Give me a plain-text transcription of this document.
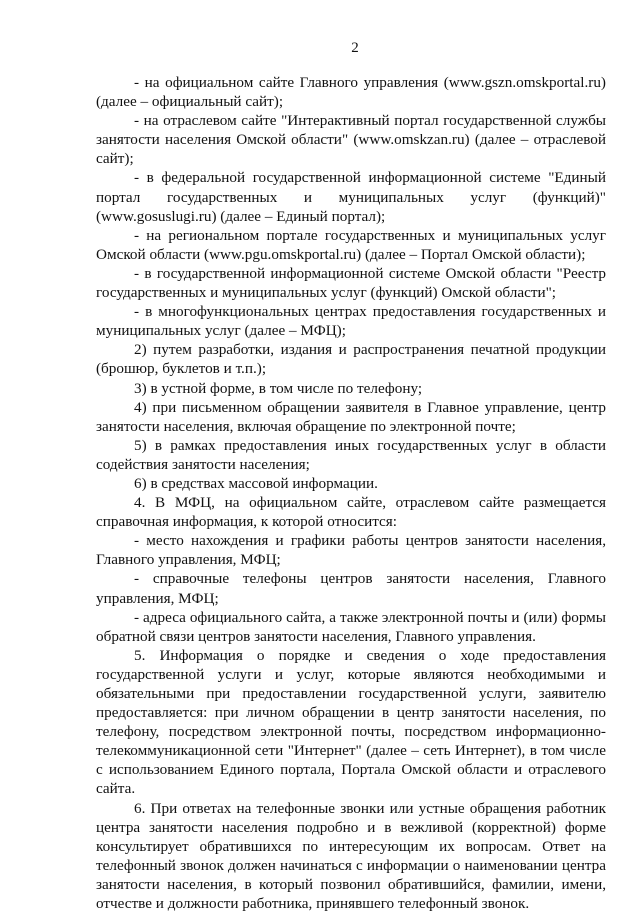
2

- на официальном сайте Главного управления (www.gszn.omskportal.ru) (далее – официальный сайт);

- на отраслевом сайте "Интерактивный портал государственной службы занятости населения Омской области" (www.omskzan.ru) (далее – отраслевой сайт);

- в федеральной государственной информационной системе "Единый портал государственных и муниципальных услуг (функций)" (www.gosuslugi.ru) (далее – Единый портал);

- на региональном портале государственных и муниципальных услуг Омской области (www.pgu.omskportal.ru) (далее – Портал Омской области);

- в государственной информационной системе Омской области "Реестр государственных и муниципальных услуг (функций) Омской области";

- в многофункциональных центрах предоставления государственных и муниципальных услуг (далее – МФЦ);

2) путем разработки, издания и распространения печатной продукции (брошюр, буклетов и т.п.);

3) в устной форме, в том числе по телефону;

4) при письменном обращении заявителя в Главное управление, центр занятости населения, включая обращение по электронной почте;

5) в рамках предоставления иных государственных услуг в области содействия занятости населения;

6) в средствах массовой информации.

4. В МФЦ, на официальном сайте, отраслевом сайте размещается справочная информация, к которой относится:

- место нахождения и графики работы центров занятости населения, Главного управления, МФЦ;

- справочные телефоны центров занятости населения, Главного управления, МФЦ;

- адреса официального сайта, а также электронной почты и (или) формы обратной связи центров занятости населения, Главного управления.

5. Информация о порядке и сведения о ходе предоставления государственной услуги и услуг, которые являются необходимыми и обязательными при предоставлении государственной услуги, заявителю предоставляется: при личном обращении в центр занятости населения, по телефону, посредством электронной почты, посредством информационно-телекоммуникационной сети "Интернет" (далее – сеть Интернет), в том числе с использованием Единого портала, Портала Омской области и отраслевого сайта.

6. При ответах на телефонные звонки или устные обращения работник центра занятости населения подробно и в вежливой (корректной) форме консультирует обратившихся по интересующим их вопросам. Ответ на телефонный звонок должен начинаться с информации о наименовании центра занятости населения, в который позвонил обратившийся, фамилии, имени, отчестве и должности работника, принявшего телефонный звонок.
